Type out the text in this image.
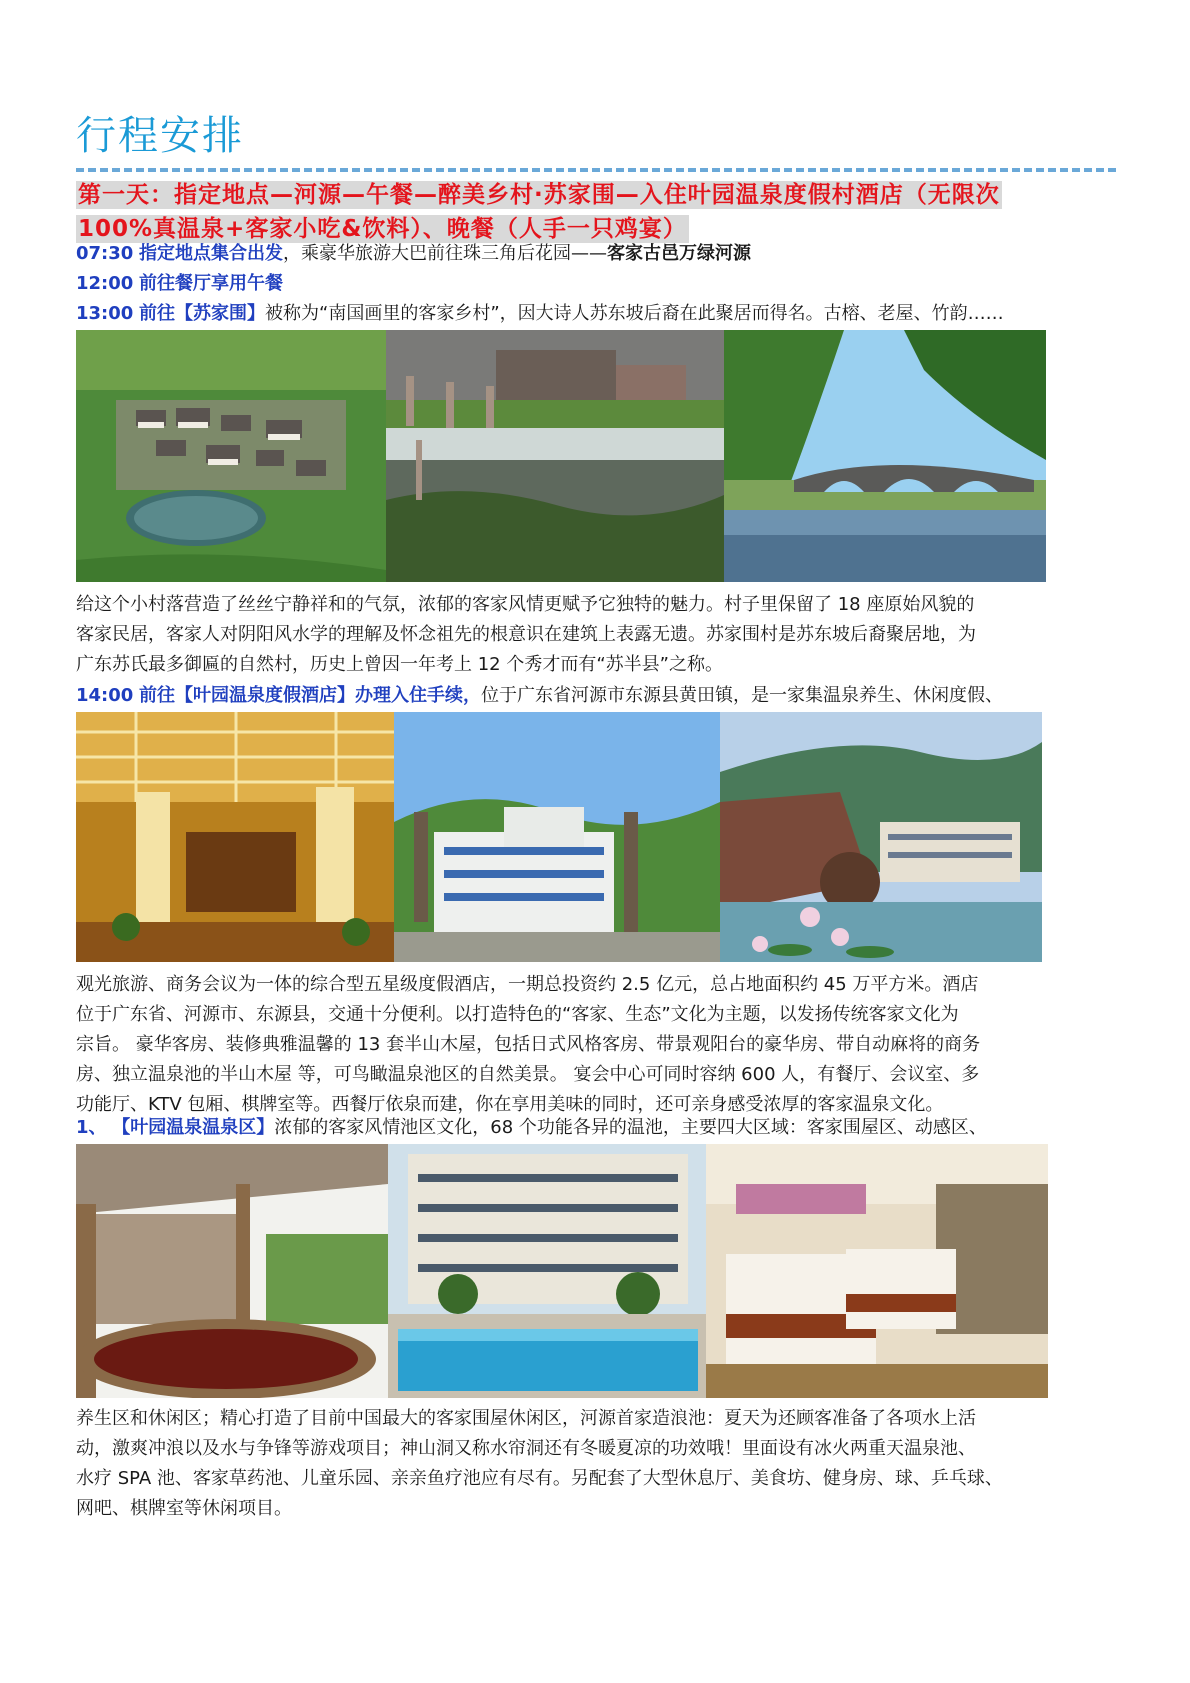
行程安排
第一天：指定地点—河源—午餐—醉美乡村·苏家围—入住叶园温泉度假村酒店（无限次
100%真温泉+客家小吃&饮料）、晚餐（人手一只鸡宴）
07:30 指定地点集合出发，乘豪华旅游大巴前往珠三角后花园——客家古邑万绿河源
12:00 前往餐厅享用午餐
13:00 前往【苏家围】被称为“南国画里的客家乡村”，因大诗人苏东坡后裔在此聚居而得名。古榕、老屋、竹韵……
给这个小村落营造了丝丝宁静祥和的气氛，浓郁的客家风情更赋予它独特的魅力。村子里保留了 18 座原始风貌的
客家民居，客家人对阴阳风水学的理解及怀念祖先的根意识在建筑上表露无遗。苏家围村是苏东坡后裔聚居地，为
广东苏氏最多御匾的自然村，历史上曾因一年考上 12 个秀才而有“苏半县”之称。
14:00 前往【叶园温泉度假酒店】办理入住手续，位于广东省河源市东源县黄田镇，是一家集温泉养生、休闲度假、
观光旅游、商务会议为一体的综合型五星级度假酒店，一期总投资约 2.5 亿元，总占地面积约 45 万平方米。酒店
位于广东省、河源市、东源县，交通十分便利。以打造特色的“客家、生态”文化为主题，以发扬传统客家文化为
宗旨。 豪华客房、装修典雅温馨的 13 套半山木屋，包括日式风格客房、带景观阳台的豪华房、带自动麻将的商务
房、独立温泉池的半山木屋 等，可鸟瞰温泉池区的自然美景。 宴会中心可同时容纳 600 人，有餐厅、会议室、多
功能厅、KTV 包厢、棋牌室等。西餐厅依泉而建，你在享用美味的同时，还可亲身感受浓厚的客家温泉文化。
1、 【叶园温泉温泉区】浓郁的客家风情池区文化，68 个功能各异的温池，主要四大区域：客家围屋区、动感区、
养生区和休闲区；精心打造了目前中国最大的客家围屋休闲区，河源首家造浪池：夏天为还顾客准备了各项水上活
动，激爽冲浪以及水与争锋等游戏项目；神山洞又称水帘洞还有冬暖夏凉的功效哦！里面设有冰火两重天温泉池、
水疗 SPA 池、客家草药池、儿童乐园、亲亲鱼疗池应有尽有。另配套了大型休息厅、美食坊、健身房、球、乒乓球、
网吧、棋牌室等休闲项目。
